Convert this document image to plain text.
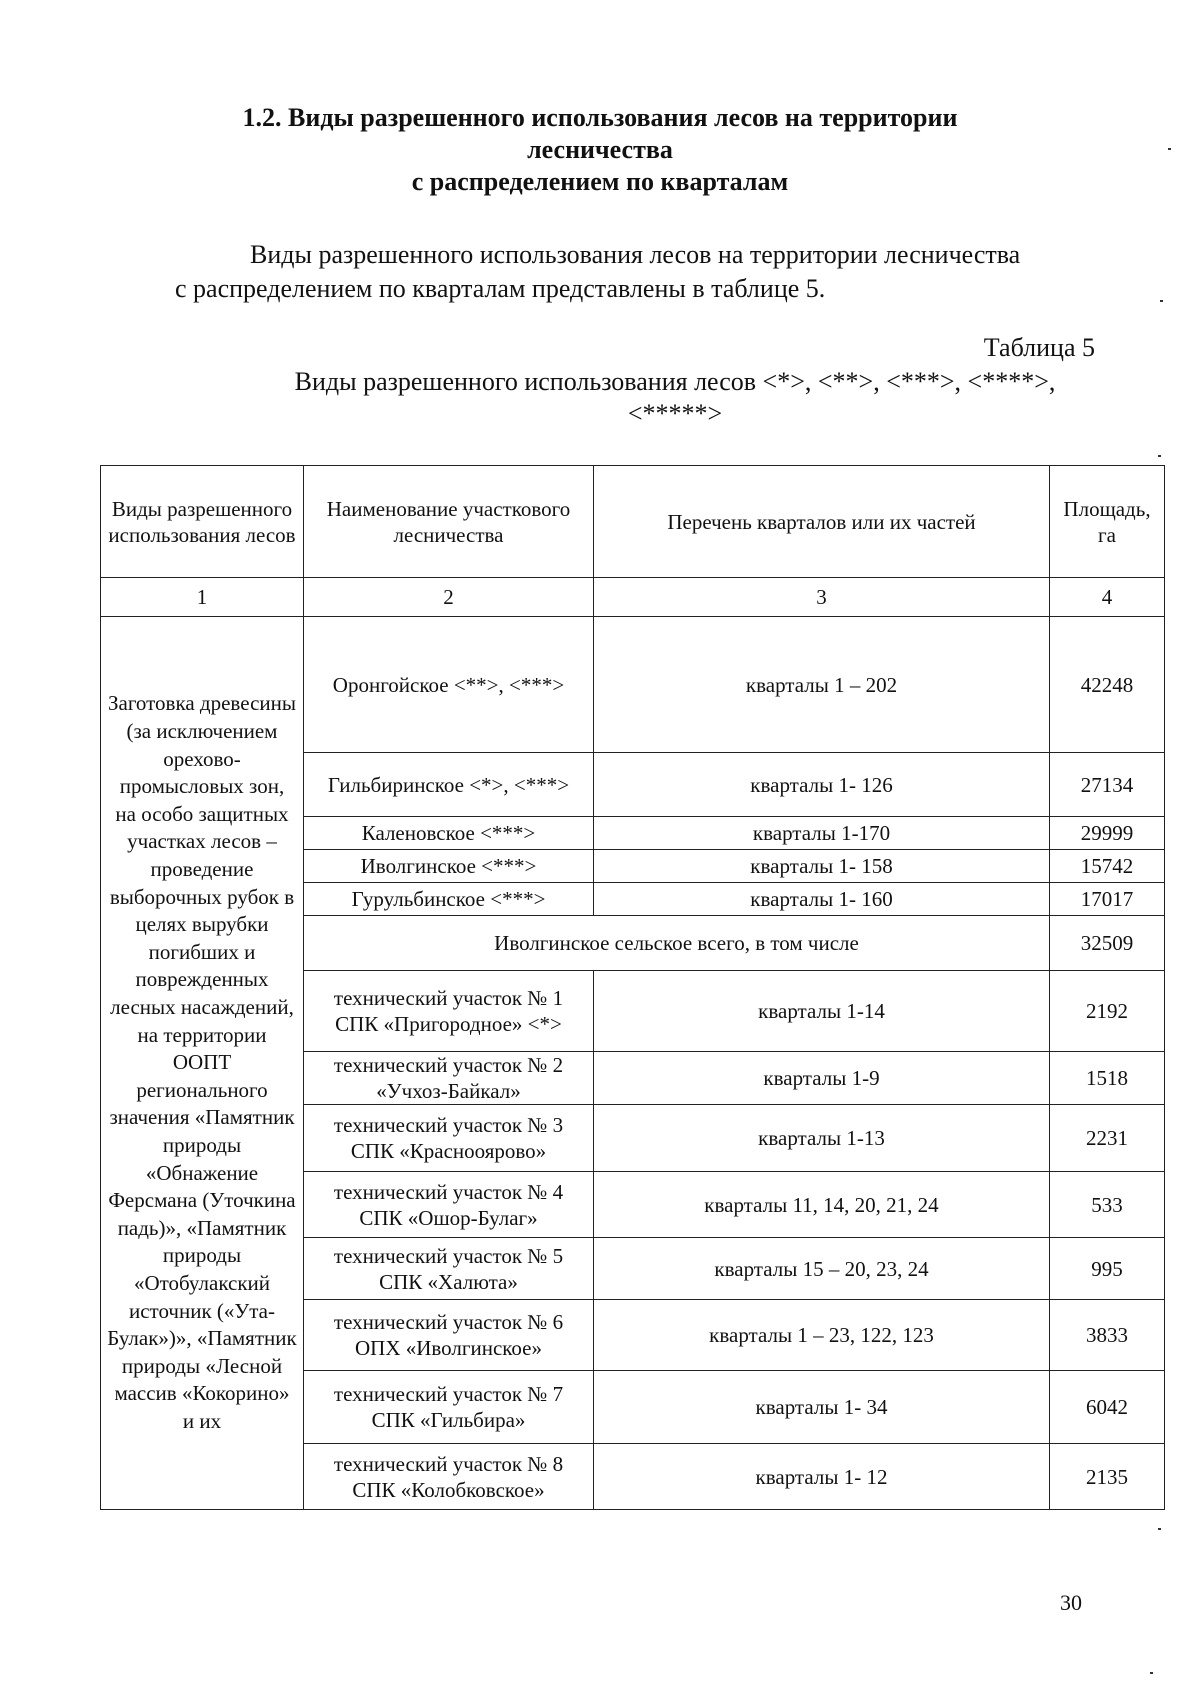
1.2. Виды разрешенного использования лесов на территории
лесничества
с распределением по кварталам
Виды разрешенного использования лесов на территории лесничества
с распределением по кварталам представлены в таблице 5.
Таблица 5
Виды разрешенного использования лесов <*>, <**>, <***>, <****>,
<*****>
Виды разрешенного использования лесов	Наименование участкового лесничества	Перечень кварталов или их частей	Площадь, га
1	2	3	4
Заготовка древесины (за исключением орехово-промысловых зон, на особо защитных участках лесов – проведение выборочных рубок в целях вырубки погибших и поврежденных лесных насаждений, на территории ООПТ регионального значения «Памятник природы «Обнажение Ферсмана (Уточкина падь)», «Памятник природы «Отобулакский источник («Ута-Булак»)», «Памятник природы «Лесной массив «Кокорино» и их	Оронгойское <**>, <***>	кварталы 1 – 202	42248
	Гильбиринское <*>, <***>	кварталы 1- 126	27134
	Каленовское <***>	кварталы 1-170	29999
	Иволгинское <***>	кварталы 1- 158	15742
	Гурульбинское <***>	кварталы 1- 160	17017
	Иволгинское сельское всего, в том числе		32509
	технический участок № 1 СПК «Пригородное» <*>	кварталы 1-14	2192
	технический участок № 2 «Учхоз-Байкал»	кварталы 1-9	1518
	технический участок № 3 СПК «Краснооярово»	кварталы 1-13	2231
	технический участок № 4 СПК «Ошор-Булаг»	кварталы 11, 14, 20, 21, 24	533
	технический участок № 5 СПК «Халюта»	кварталы 15 – 20, 23, 24	995
	технический участок № 6 ОПХ «Иволгинское»	кварталы 1 – 23, 122, 123	3833
	технический участок № 7 СПК «Гильбира»	кварталы 1- 34	6042
	технический участок № 8 СПК «Колобковское»	кварталы 1- 12	2135
30
